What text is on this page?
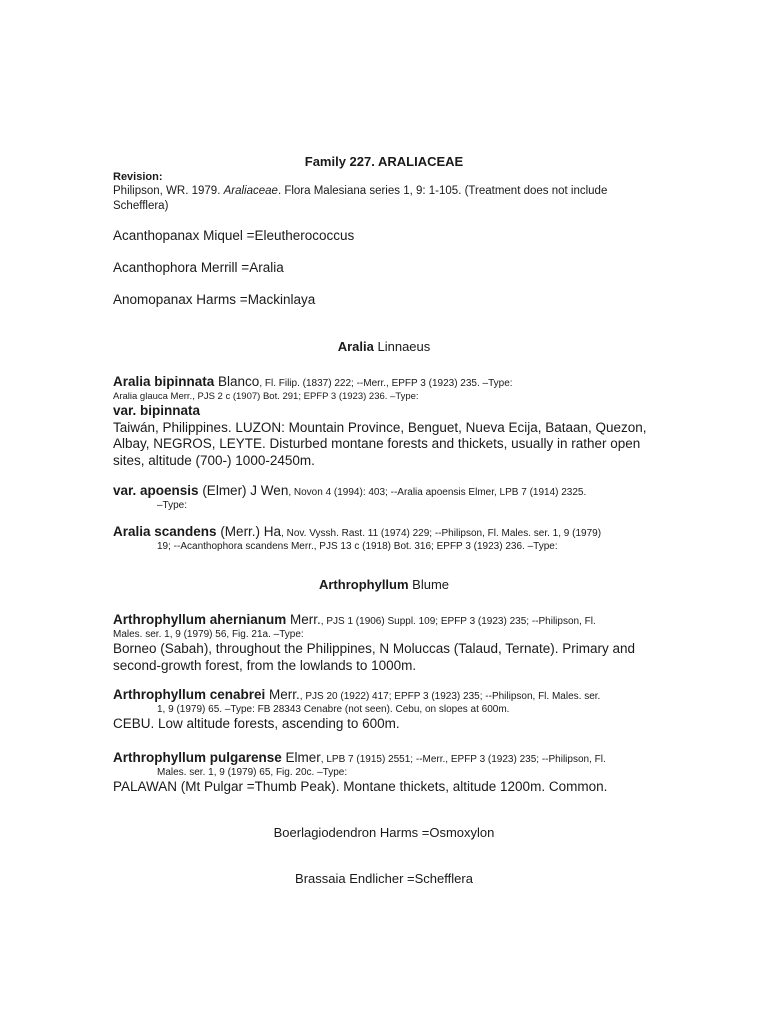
Family 227. ARALIACEAE
Revision:
Philipson, WR. 1979. Araliaceae. Flora Malesiana series 1, 9: 1-105. (Treatment does not include Schefflera)
Acanthopanax Miquel =Eleutherococcus
Acanthophora Merrill =Aralia
Anomopanax Harms =Mackinlaya
Aralia Linnaeus
Aralia bipinnata Blanco, Fl. Filip. (1837) 222; --Merr., EPFP 3 (1923) 235. –Type:
Aralia glauca Merr., PJS 2 c (1907) Bot. 291; EPFP 3 (1923) 236. –Type:
var. bipinnata
Taiwán, Philippines. LUZON: Mountain Province, Benguet, Nueva Ecija, Bataan, Quezon, Albay, NEGROS, LEYTE. Disturbed montane forests and thickets, usually in rather open sites, altitude (700-) 1000-2450m.
var. apoensis (Elmer) J Wen, Novon 4 (1994): 403; --Aralia apoensis Elmer, LPB 7 (1914) 2325.
–Type:
Aralia scandens (Merr.) Ha, Nov. Vyssh. Rast. 11 (1974) 229; --Philipson, Fl. Males. ser. 1, 9 (1979)
19; --Acanthophora scandens Merr., PJS 13 c (1918) Bot. 316; EPFP 3 (1923) 236. –Type:
Arthrophyllum Blume
Arthrophyllum ahernianum Merr., PJS 1 (1906) Suppl. 109; EPFP 3 (1923) 235; --Philipson, Fl.
Males. ser. 1, 9 (1979) 56, Fig. 21a. –Type:
Borneo (Sabah), throughout the Philippines, N Moluccas (Talaud, Ternate). Primary and second-growth forest, from the lowlands to 1000m.
Arthrophyllum cenabrei Merr., PJS 20 (1922) 417; EPFP 3 (1923) 235; --Philipson, Fl. Males. ser.
1, 9 (1979) 65. –Type: FB 28343 Cenabre (not seen). Cebu, on slopes at 600m.
CEBU. Low altitude forests, ascending to 600m.
Arthrophyllum pulgarense Elmer, LPB 7 (1915) 2551; --Merr., EPFP 3 (1923) 235; --Philipson, Fl.
Males. ser. 1, 9 (1979) 65, Fig. 20c. –Type:
PALAWAN (Mt Pulgar =Thumb Peak). Montane thickets, altitude 1200m. Common.
Boerlagiodendron Harms =Osmoxylon
Brassaia Endlicher =Schefflera
